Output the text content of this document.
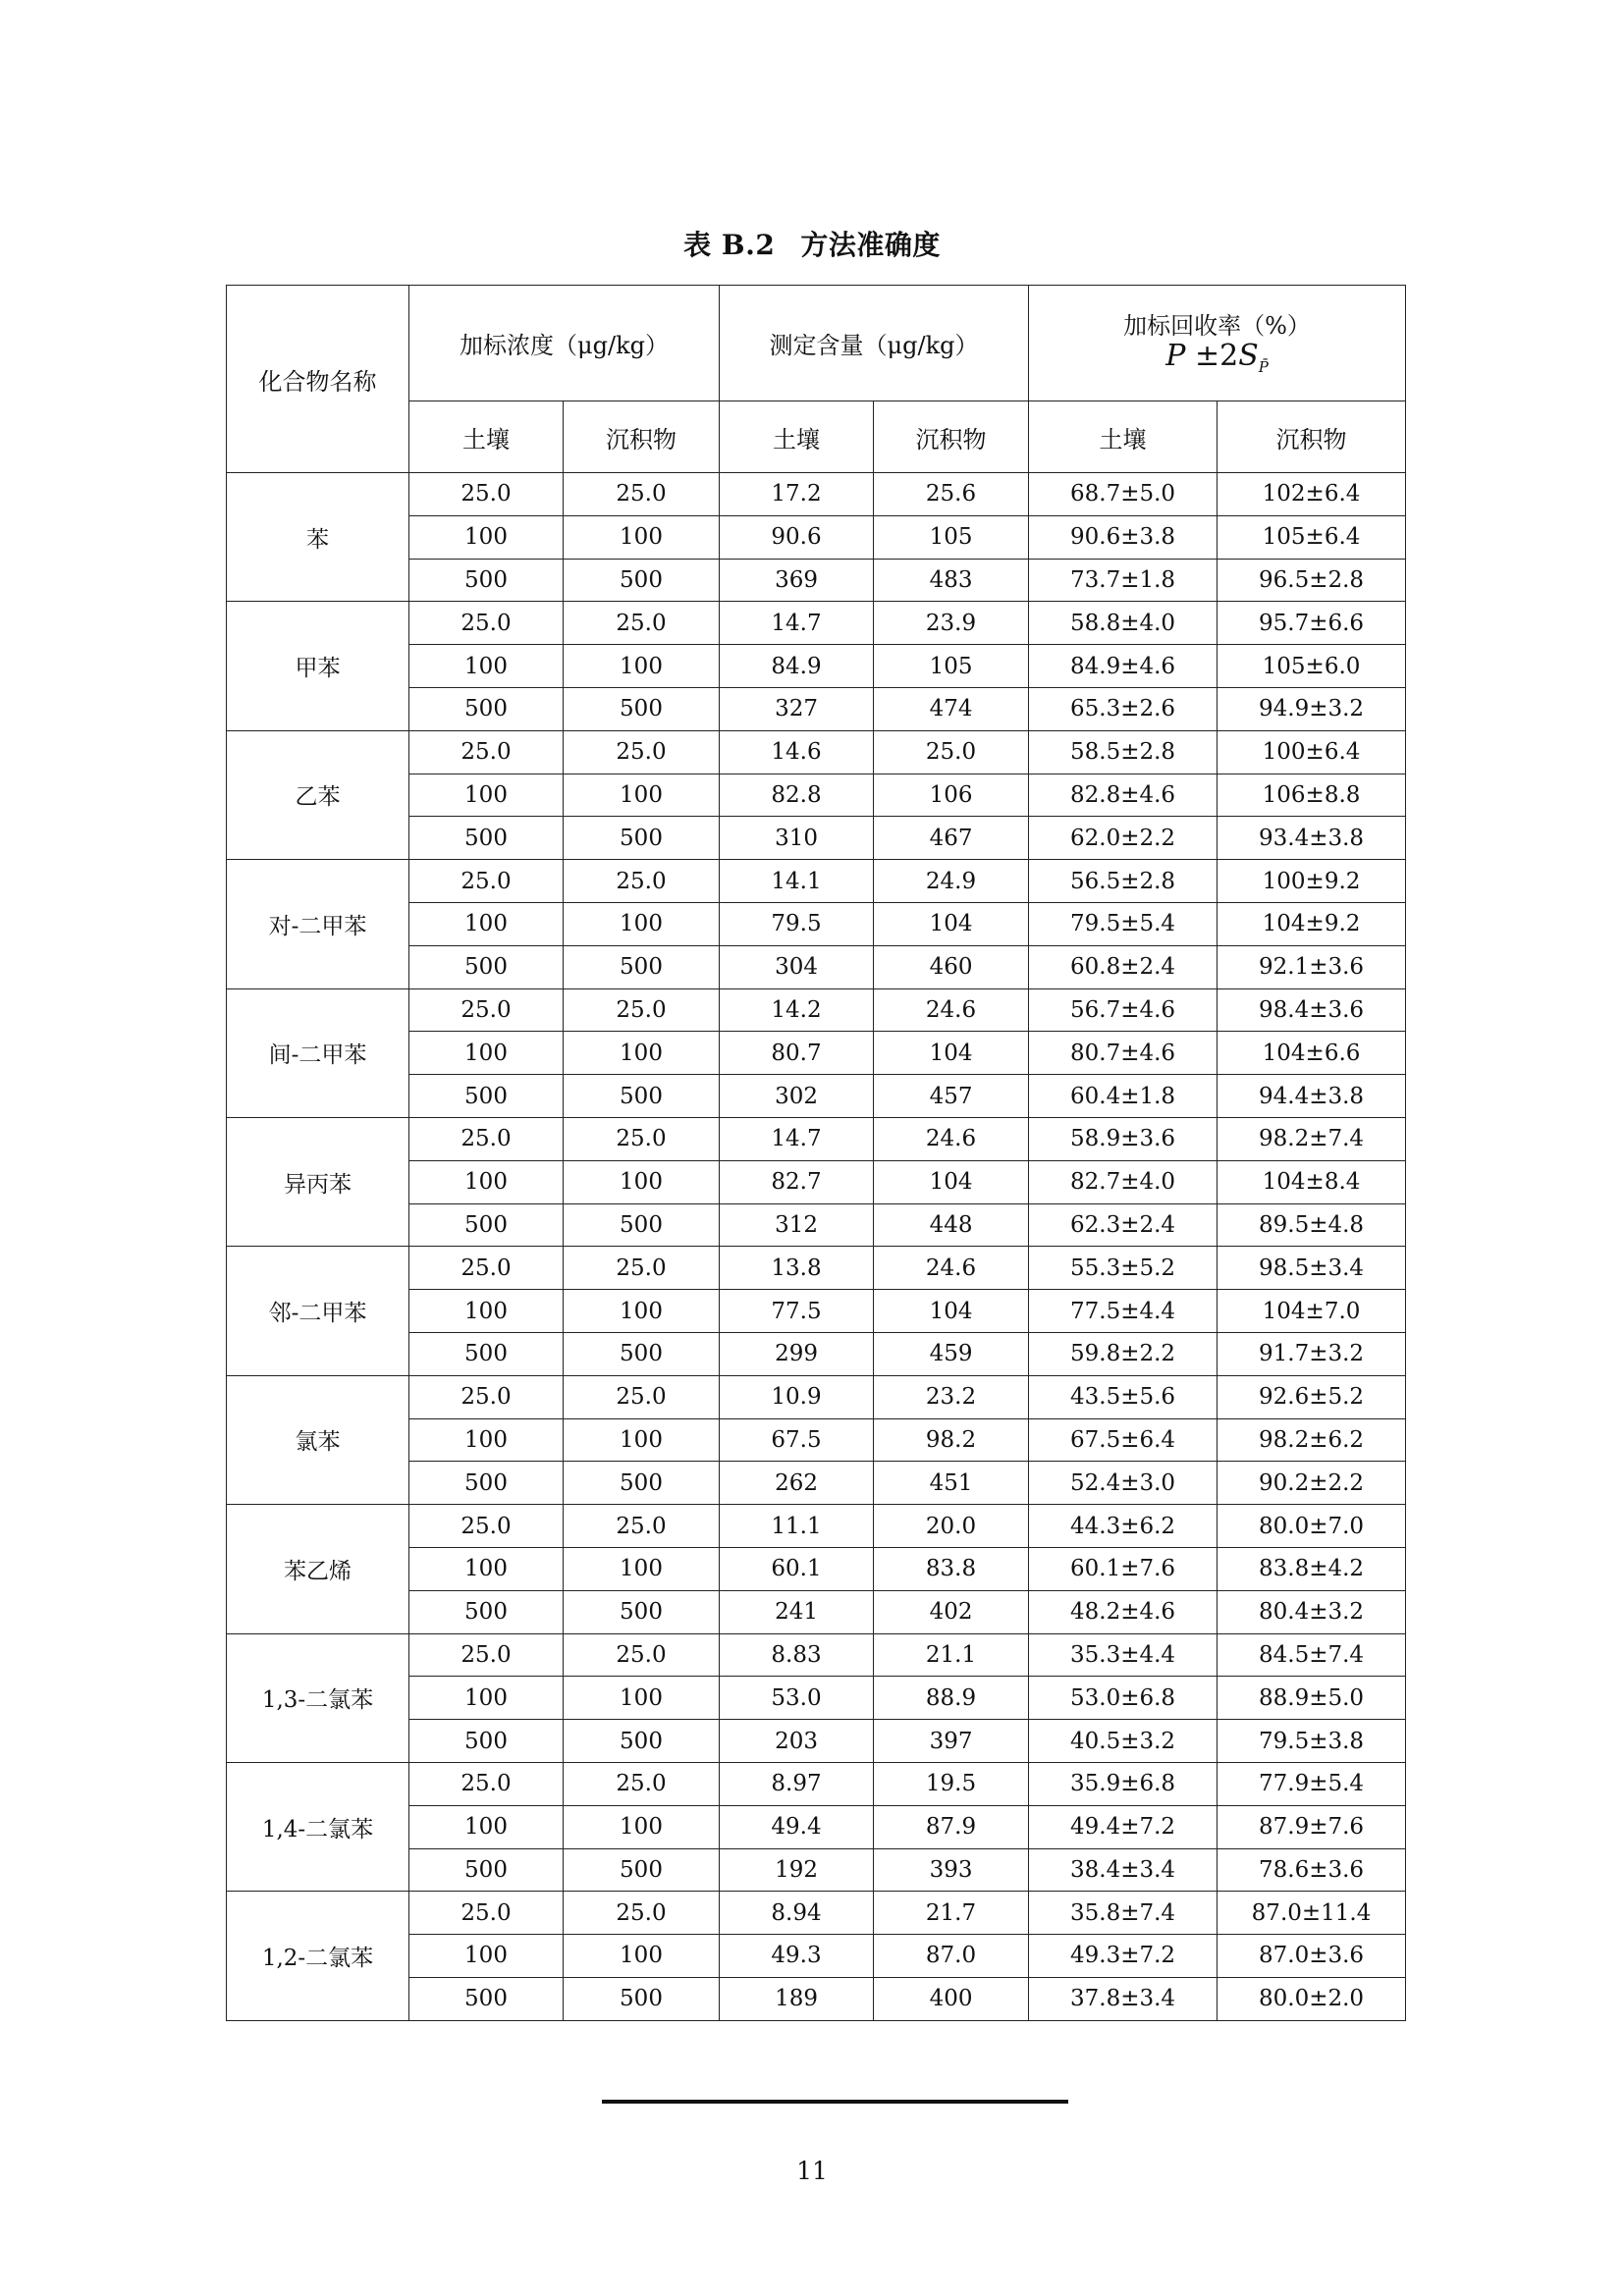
表 B.2 方法准确度
化合物名称	加标浓度（μg/kg）		测定含量（μg/kg）		加标回收率（%）
$P \pm 2S_{P̄}$

	土壤	沉积物	土壤	沉积物	土壤	沉积物
苯	25.0	25.0	17.2	25.6	68.7±5.0	102±6.4
	100	100	90.6	105	90.6±3.8	105±6.4
	500	500	369	483	73.7±1.8	96.5±2.8
甲苯	25.0	25.0	14.7	23.9	58.8±4.0	95.7±6.6
	100	100	84.9	105	84.9±4.6	105±6.0
	500	500	327	474	65.3±2.6	94.9±3.2
乙苯	25.0	25.0	14.6	25.0	58.5±2.8	100±6.4
	100	100	82.8	106	82.8±4.6	106±8.8
	500	500	310	467	62.0±2.2	93.4±3.8
对-二甲苯	25.0	25.0	14.1	24.9	56.5±2.8	100±9.2
	100	100	79.5	104	79.5±5.4	104±9.2
	500	500	304	460	60.8±2.4	92.1±3.6
间-二甲苯	25.0	25.0	14.2	24.6	56.7±4.6	98.4±3.6
	100	100	80.7	104	80.7±4.6	104±6.6
	500	500	302	457	60.4±1.8	94.4±3.8
异丙苯	25.0	25.0	14.7	24.6	58.9±3.6	98.2±7.4
	100	100	82.7	104	82.7±4.0	104±8.4
	500	500	312	448	62.3±2.4	89.5±4.8
邻-二甲苯	25.0	25.0	13.8	24.6	55.3±5.2	98.5±3.4
	100	100	77.5	104	77.5±4.4	104±7.0
	500	500	299	459	59.8±2.2	91.7±3.2
氯苯	25.0	25.0	10.9	23.2	43.5±5.6	92.6±5.2
	100	100	67.5	98.2	67.5±6.4	98.2±6.2
	500	500	262	451	52.4±3.0	90.2±2.2
苯乙烯	25.0	25.0	11.1	20.0	44.3±6.2	80.0±7.0
	100	100	60.1	83.8	60.1±7.6	83.8±4.2
	500	500	241	402	48.2±4.6	80.4±3.2
1,3-二氯苯	25.0	25.0	8.83	21.1	35.3±4.4	84.5±7.4
	100	100	53.0	88.9	53.0±6.8	88.9±5.0
	500	500	203	397	40.5±3.2	79.5±3.8
1,4-二氯苯	25.0	25.0	8.97	19.5	35.9±6.8	77.9±5.4
	100	100	49.4	87.9	49.4±7.2	87.9±7.6
	500	500	192	393	38.4±3.4	78.6±3.6
1,2-二氯苯	25.0	25.0	8.94	21.7	35.8±7.4	87.0±11.4
	100	100	49.3	87.0	49.3±7.2	87.0±3.6
	500	500	189	400	37.8±3.4	80.0±2.0
11
